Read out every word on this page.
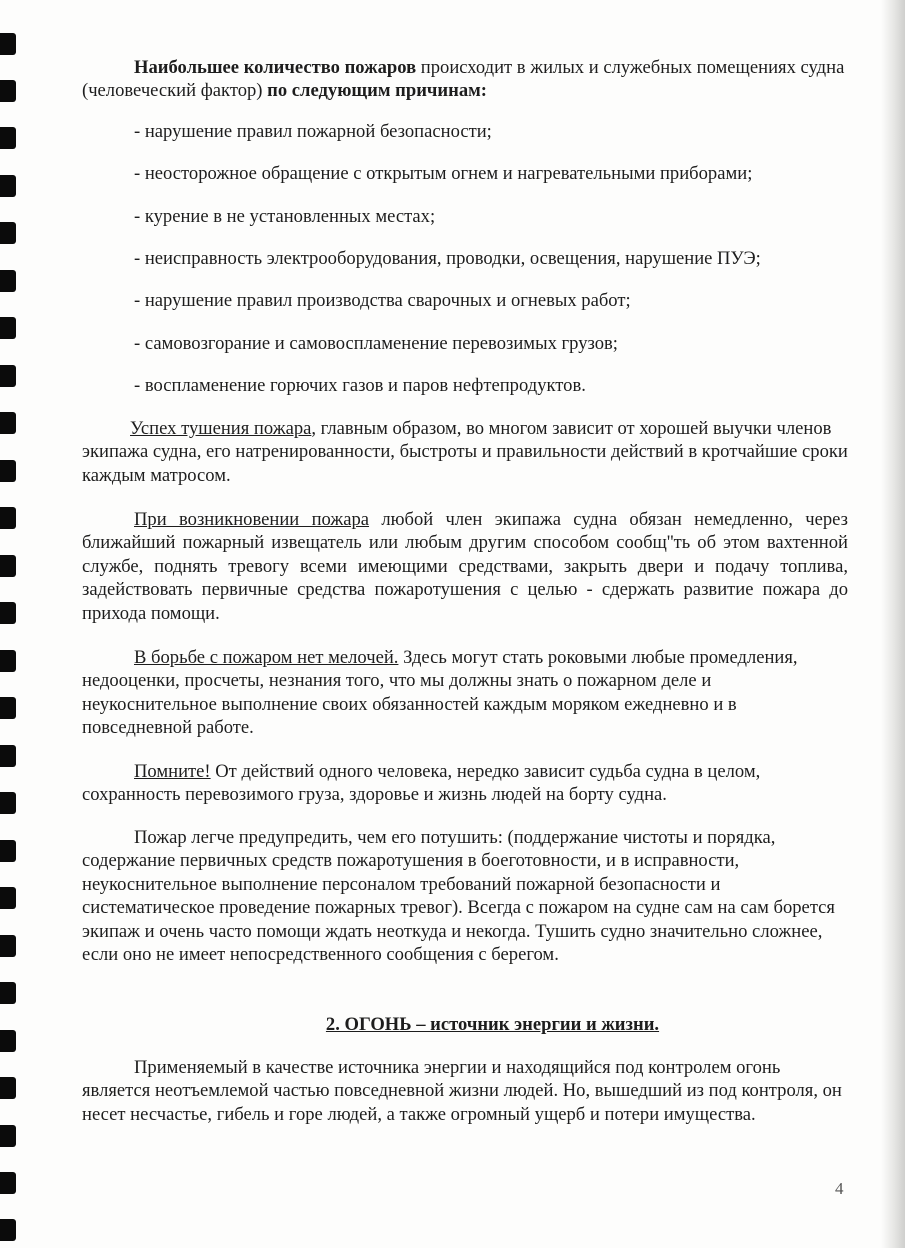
Наибольшее количество пожаров происходит в жилых и служебных помещениях судна (человеческий фактор) по следующим причинам:

- нарушение правил пожарной безопасности;

- неосторожное обращение с открытым огнем и нагревательными приборами;

- курение в не установленных местах;

- неисправность электрооборудования, проводки, освещения, нарушение ПУЭ;

- нарушение правил производства сварочных и огневых работ;

- самовозгорание и самовоспламенение перевозимых грузов;

- воспламенение горючих газов и паров нефтепродуктов.

Успех тушения пожара, главным образом, во многом зависит от хорошей выучки членов экипажа судна, его натренированности, быстроты и правильности действий в кротчайшие сроки каждым матросом.

При возникновении пожара любой член экипажа судна обязан немедленно, через ближайший пожарный извещатель или любым другим способом сообщ''ть об этом вахтенной службе, поднять тревогу всеми имеющими средствами, закрыть двери и подачу топлива, задействовать первичные средства пожаротушения с целью - сдержать развитие пожара до прихода помощи.

В борьбе с пожаром нет мелочей. Здесь могут стать роковыми любые промедления, недооценки, просчеты, незнания того, что мы должны знать о пожарном деле и неукоснительное выполнение своих обязанностей каждым моряком ежедневно и в повседневной работе.

Помните! От действий одного человека, нередко зависит судьба судна в целом, сохранность перевозимого груза, здоровье и жизнь людей на борту судна.

Пожар легче предупредить, чем его потушить: (поддержание чистоты и порядка, содержание первичных средств пожаротушения в боеготовности, и в исправности, неукоснительное выполнение персоналом требований пожарной безопасности и систематическое проведение пожарных тревог). Всегда с пожаром на судне сам на сам борется экипаж и очень часто помощи ждать неоткуда и некогда. Тушить судно значительно сложнее, если оно не имеет непосредственного сообщения с берегом.

2. ОГОНЬ – источник энергии и жизни.

Применяемый в качестве источника энергии и находящийся под контролем огонь является неотъемлемой частью повседневной жизни людей. Но, вышедший из под контроля, он несет несчастье, гибель и горе людей, а также огромный ущерб и потери имущества.

4
